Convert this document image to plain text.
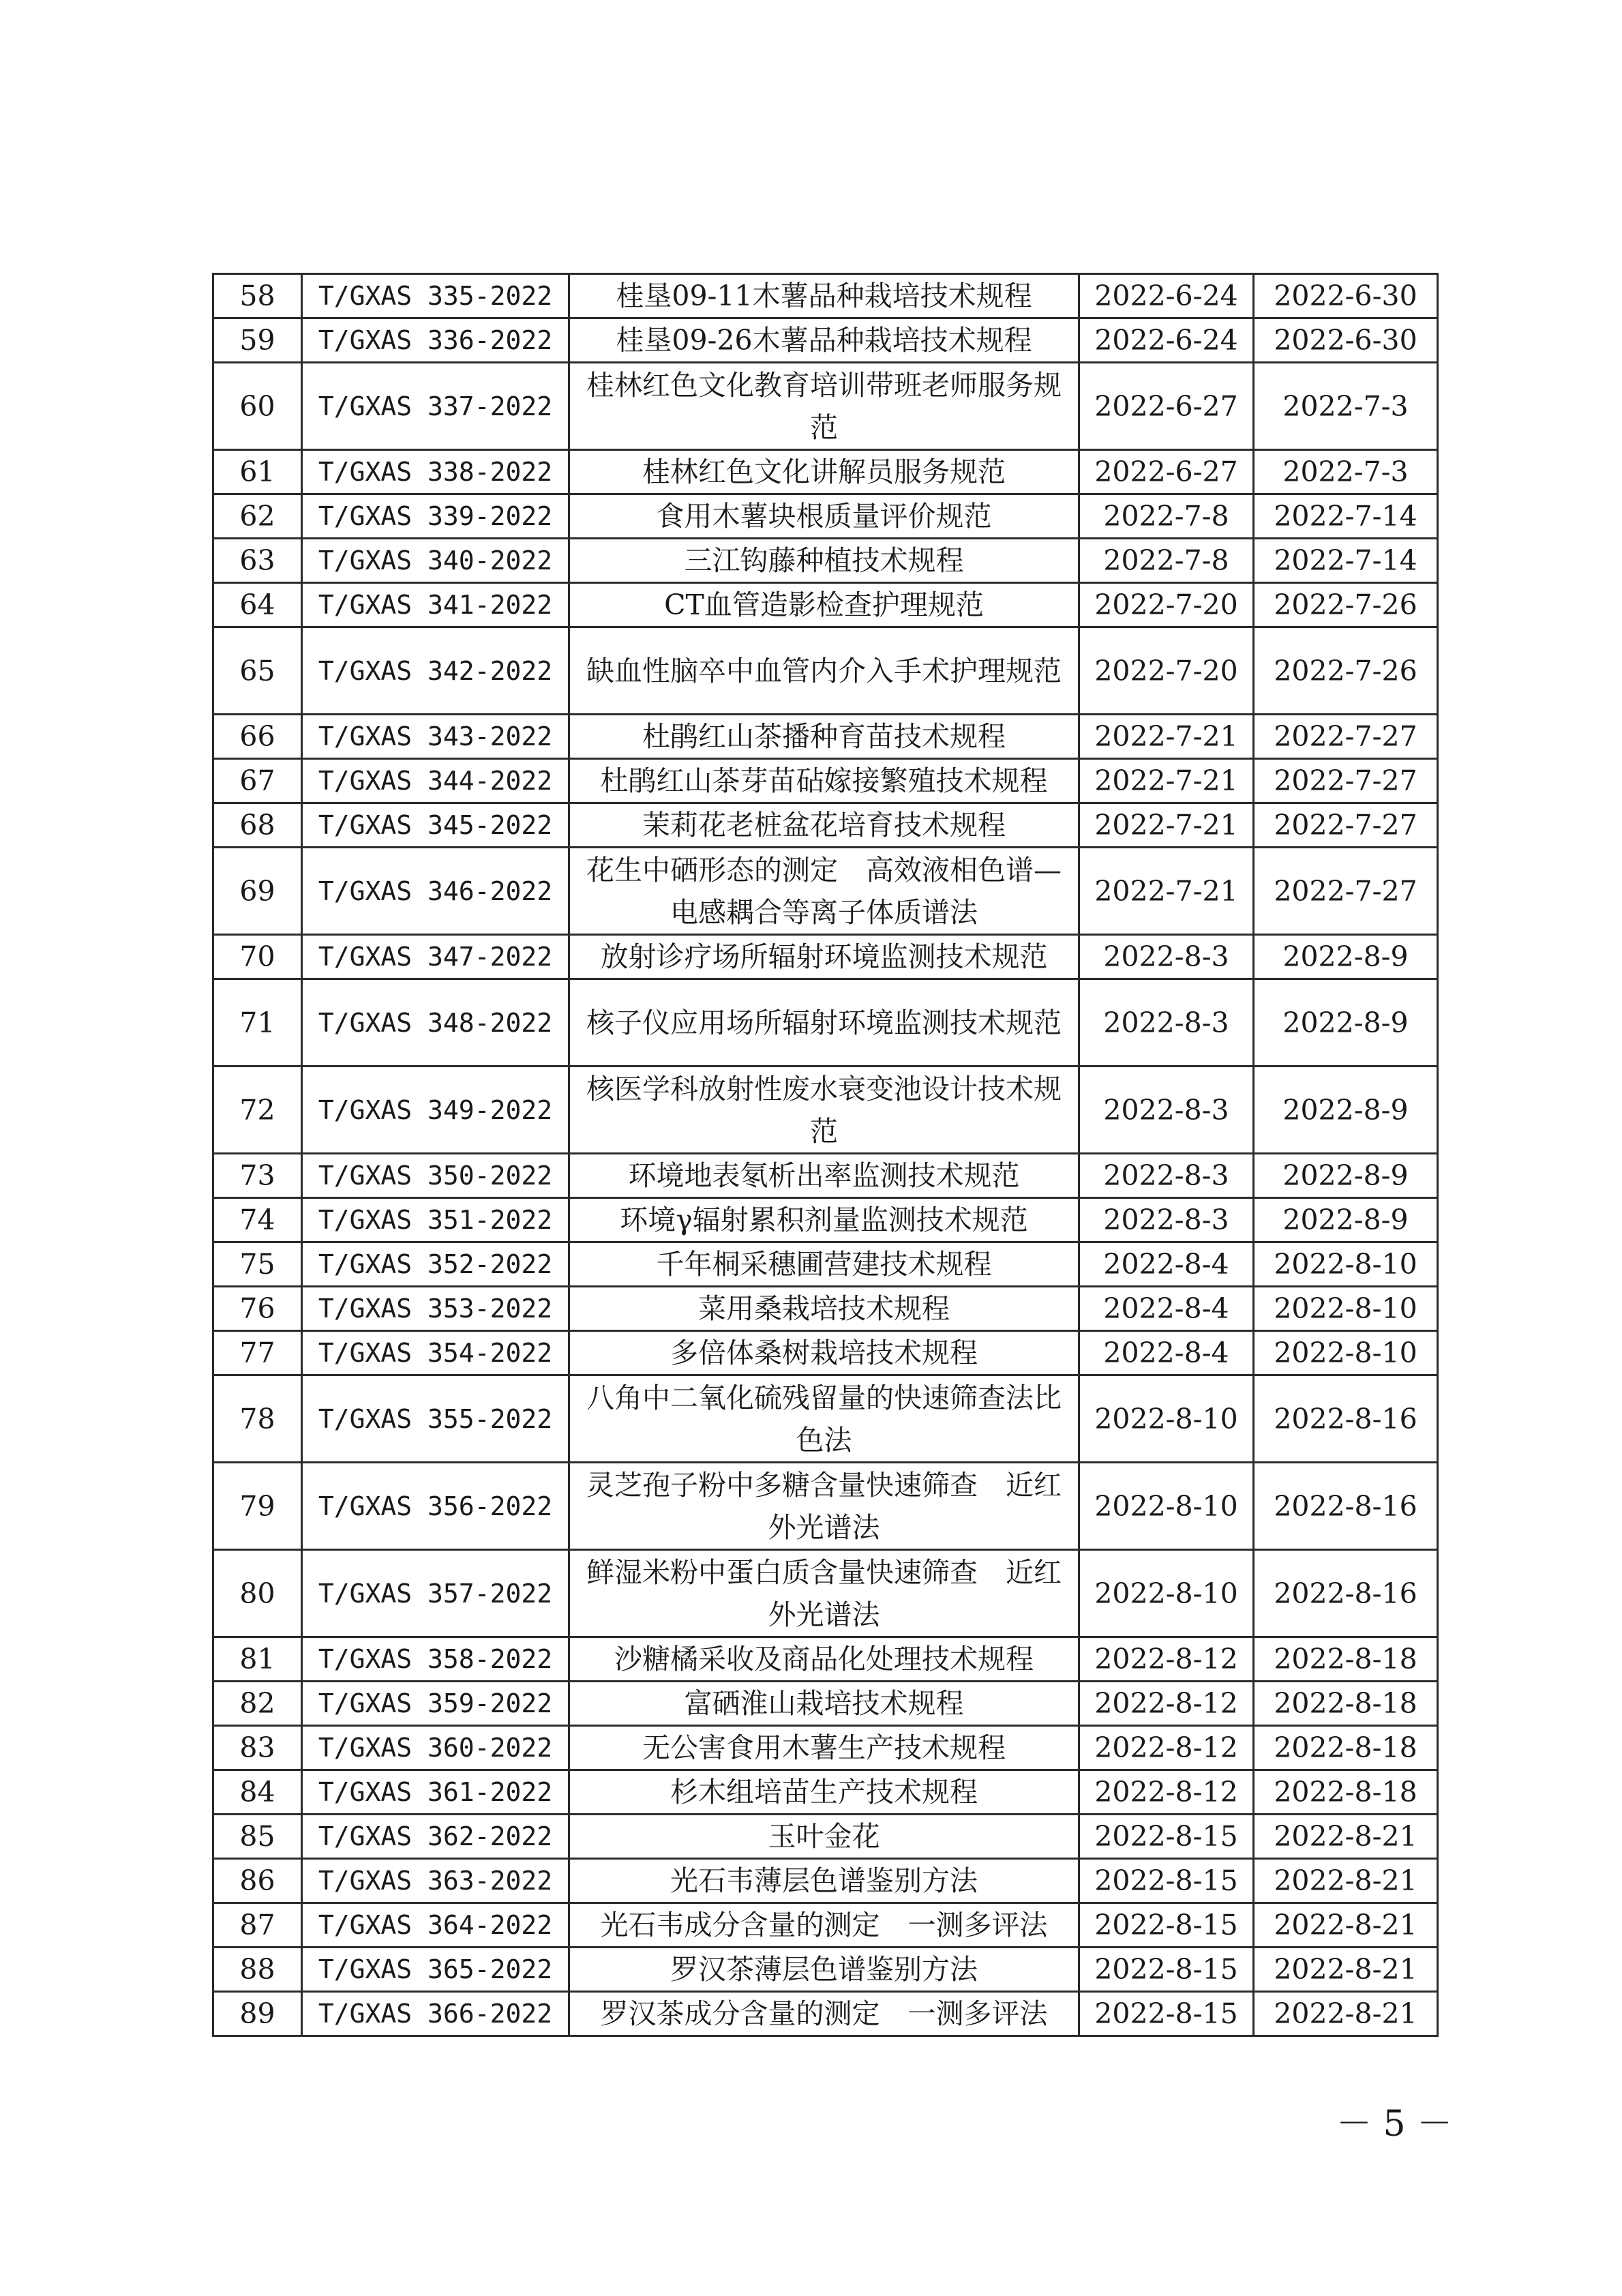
58	T/GXAS 335-2022	桂垦09-11木薯品种栽培技术规程	2022-6-24	2022-6-30
59	T/GXAS 336-2022	桂垦09-26木薯品种栽培技术规程	2022-6-24	2022-6-30
60	T/GXAS 337-2022	桂林红色文化教育培训带班老师服务规范	2022-6-27	2022-7-3
61	T/GXAS 338-2022	桂林红色文化讲解员服务规范	2022-6-27	2022-7-3
62	T/GXAS 339-2022	食用木薯块根质量评价规范	2022-7-8	2022-7-14
63	T/GXAS 340-2022	三江钩藤种植技术规程	2022-7-8	2022-7-14
64	T/GXAS 341-2022	CT血管造影检查护理规范	2022-7-20	2022-7-26
65	T/GXAS 342-2022	缺血性脑卒中血管内介入手术护理规范	2022-7-20	2022-7-26
66	T/GXAS 343-2022	杜鹃红山茶播种育苗技术规程	2022-7-21	2022-7-27
67	T/GXAS 344-2022	杜鹃红山茶芽苗砧嫁接繁殖技术规程	2022-7-21	2022-7-27
68	T/GXAS 345-2022	茉莉花老桩盆花培育技术规程	2022-7-21	2022-7-27
69	T/GXAS 346-2022	花生中硒形态的测定　高效液相色谱—电感耦合等离子体质谱法	2022-7-21	2022-7-27
70	T/GXAS 347-2022	放射诊疗场所辐射环境监测技术规范	2022-8-3	2022-8-9
71	T/GXAS 348-2022	核子仪应用场所辐射环境监测技术规范	2022-8-3	2022-8-9
72	T/GXAS 349-2022	核医学科放射性废水衰变池设计技术规范	2022-8-3	2022-8-9
73	T/GXAS 350-2022	环境地表氡析出率监测技术规范	2022-8-3	2022-8-9
74	T/GXAS 351-2022	环境γ辐射累积剂量监测技术规范	2022-8-3	2022-8-9
75	T/GXAS 352-2022	千年桐采穗圃营建技术规程	2022-8-4	2022-8-10
76	T/GXAS 353-2022	菜用桑栽培技术规程	2022-8-4	2022-8-10
77	T/GXAS 354-2022	多倍体桑树栽培技术规程	2022-8-4	2022-8-10
78	T/GXAS 355-2022	八角中二氧化硫残留量的快速筛查法比色法	2022-8-10	2022-8-16
79	T/GXAS 356-2022	灵芝孢子粉中多糖含量快速筛查　近红外光谱法	2022-8-10	2022-8-16
80	T/GXAS 357-2022	鲜湿米粉中蛋白质含量快速筛查　近红外光谱法	2022-8-10	2022-8-16
81	T/GXAS 358-2022	沙糖橘采收及商品化处理技术规程	2022-8-12	2022-8-18
82	T/GXAS 359-2022	富硒淮山栽培技术规程	2022-8-12	2022-8-18
83	T/GXAS 360-2022	无公害食用木薯生产技术规程	2022-8-12	2022-8-18
84	T/GXAS 361-2022	杉木组培苗生产技术规程	2022-8-12	2022-8-18
85	T/GXAS 362-2022	玉叶金花	2022-8-15	2022-8-21
86	T/GXAS 363-2022	光石韦薄层色谱鉴别方法	2022-8-15	2022-8-21
87	T/GXAS 364-2022	光石韦成分含量的测定　一测多评法	2022-8-15	2022-8-21
88	T/GXAS 365-2022	罗汉茶薄层色谱鉴别方法	2022-8-15	2022-8-21
89	T/GXAS 366-2022	罗汉茶成分含量的测定　一测多评法	2022-8-15	2022-8-21
－ 5 －
